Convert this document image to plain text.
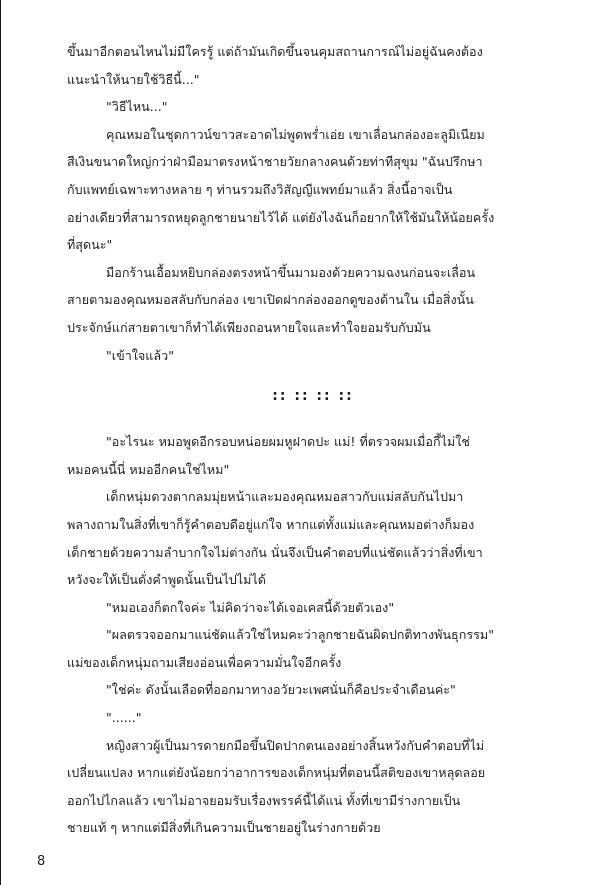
ขึ้นมาอีกตอนไหนไม่มีใครรู้ แต่ถ้ามันเกิดขึ้นจนคุมสถานการณ์ไม่อยู่ฉันคงต้อง
แนะนำให้นายใช้วิธีนี้..."

"วิธีไหน..."

คุณหมอในชุดกาวน์ขาวสะอาดไม่พูดพร่ำเอ่ย เขาเลื่อนกล่องอะลูมิเนียม
สีเงินขนาดใหญ่กว่าฝ่ามือมาตรงหน้าชายวัยกลางคนด้วยท่าทีสุขุม "ฉันปรึกษา
กับแพทย์เฉพาะทางหลาย ๆ ท่านรวมถึงวิสัญญีแพทย์มาแล้ว สิ่งนี้อาจเป็น
อย่างเดียวที่สามารถหยุดลูกชายนายไว้ได้ แต่ยังไงฉันก็อยากให้ใช้มันให้น้อยครั้ง
ที่สุดนะ"

มือกร้านเอื้อมหยิบกล่องตรงหน้าขึ้นมามองด้วยความฉงนก่อนจะเลื่อน
สายตามองคุณหมอสลับกับกล่อง เขาเปิดฝากล่องออกดูของด้านใน เมื่อสิ่งนั้น
ประจักษ์แก่สายตาเขาก็ทำได้เพียงถอนหายใจและทำใจยอมรับกับมัน

"เข้าใจแล้ว"

:: :: :: ::

"อะไรนะ หมอพูดอีกรอบหน่อยผมหูฝาดปะ แม่! ที่ตรวจผมเมื่อกี้ไม่ใช่
หมอคนนี้นี่ หมออีกคนใช่ไหม"

เด็กหนุ่มดวงตากลมมุ่ยหน้าและมองคุณหมอสาวกับแม่สลับกันไปมา
พลางถามในสิ่งที่เขาก็รู้คำตอบดีอยู่แก่ใจ หากแต่ทั้งแม่และคุณหมอต่างก็มอง
เด็กชายด้วยความลำบากใจไม่ต่างกัน นั่นจึงเป็นคำตอบที่แน่ชัดแล้วว่าสิ่งที่เขา
หวังจะให้เป็นดั่งคำพูดนั้นเป็นไปไม่ได้

"หมอเองก็ตกใจค่ะ ไม่คิดว่าจะได้เจอเคสนี้ด้วยตัวเอง"

"ผลตรวจออกมาแน่ชัดแล้วใช่ไหมคะว่าลูกชายฉันผิดปกติทางพันธุกรรม"
แม่ของเด็กหนุ่มถามเสียงอ่อนเพื่อความมั่นใจอีกครั้ง

"ใช่ค่ะ ดังนั้นเลือดที่ออกมาทางอวัยวะเพศนั่นก็คือประจำเดือนค่ะ"

"......"

หญิงสาวผู้เป็นมารดายกมือขึ้นปิดปากตนเองอย่างสิ้นหวังกับคำตอบที่ไม่
เปลี่ยนแปลง หากแต่ยังน้อยกว่าอาการของเด็กหนุ่มที่ตอนนี้สติของเขาหลุดลอย
ออกไปไกลแล้ว เขาไม่อาจยอมรับเรื่องพรรค์นี้ได้แน่ ทั้งที่เขามีร่างกายเป็น
ชายแท้ ๆ หากแต่มีสิ่งที่เกินความเป็นชายอยู่ในร่างกายด้วย

8
